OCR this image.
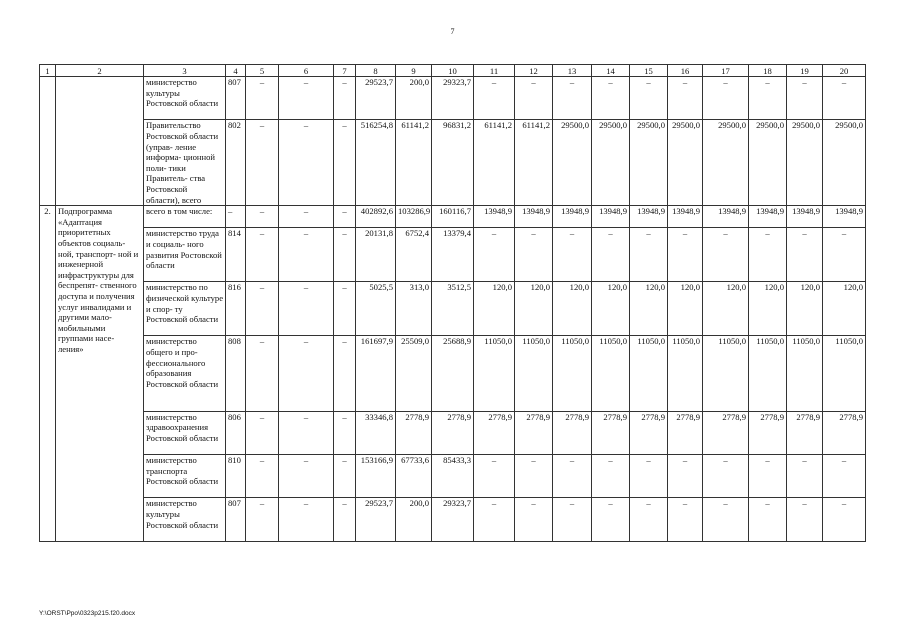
7
1	2	3	4	5	6	7	8	9	10	11	12	13	14	15	16	17	18	19	20
		министерство культуры Ростовской области	807	–	–	–	29523,7	200,0	29323,7	–	–	–	–	–	–	–	–	–	–
		Правительство Ростовской области (управ- ление информа- ционной поли- тики Правитель- ства Ростовской области), всего	802	–	–	–	516254,8	61141,2	96831,2	61141,2	61141,2	29500,0	29500,0	29500,0	29500,0	29500,0	29500,0	29500,0	29500,0
2.	Подпрограмма «Адаптация приоритетных объектов социаль- ной, транспорт- ной и инженерной инфраструктуры для беспрепят- ственного доступа и получения услуг инвалидами и другими мало- мобильными группами насе- ления»	всего в том числе:	–	–	–	–	402892,6	103286,9	160116,7	13948,9	13948,9	13948,9	13948,9	13948,9	13948,9	13948,9	13948,9	13948,9	13948,9
		министерство труда и социаль- ного развития Ростовской области	814	–	–	–	20131,8	6752,4	13379,4	–	–	–	–	–	–	–	–	–	–
		министерство по физической культуре и спор- ту Ростовской области	816	–	–	–	5025,5	313,0	3512,5	120,0	120,0	120,0	120,0	120,0	120,0	120,0	120,0	120,0	120,0
		министерство общего и про- фессионального образования Ростовской области	808	–	–	–	161697,9	25509,0	25688,9	11050,0	11050,0	11050,0	11050,0	11050,0	11050,0	11050,0	11050,0	11050,0	11050,0
		министерство здравоохранения Ростовской области	806	–	–	–	33346,8	2778,9	2778,9	2778,9	2778,9	2778,9	2778,9	2778,9	2778,9	2778,9	2778,9	2778,9	2778,9
		министерство транспорта Ростовской области	810	–	–	–	153166,9	67733,6	85433,3	–	–	–	–	–	–	–	–	–	–
		министерство культуры Ростовской области	807	–	–	–	29523,7	200,0	29323,7	–	–	–	–	–	–	–	–	–	–
Y:\ORST\Ppo\0323p215.f20.docx
